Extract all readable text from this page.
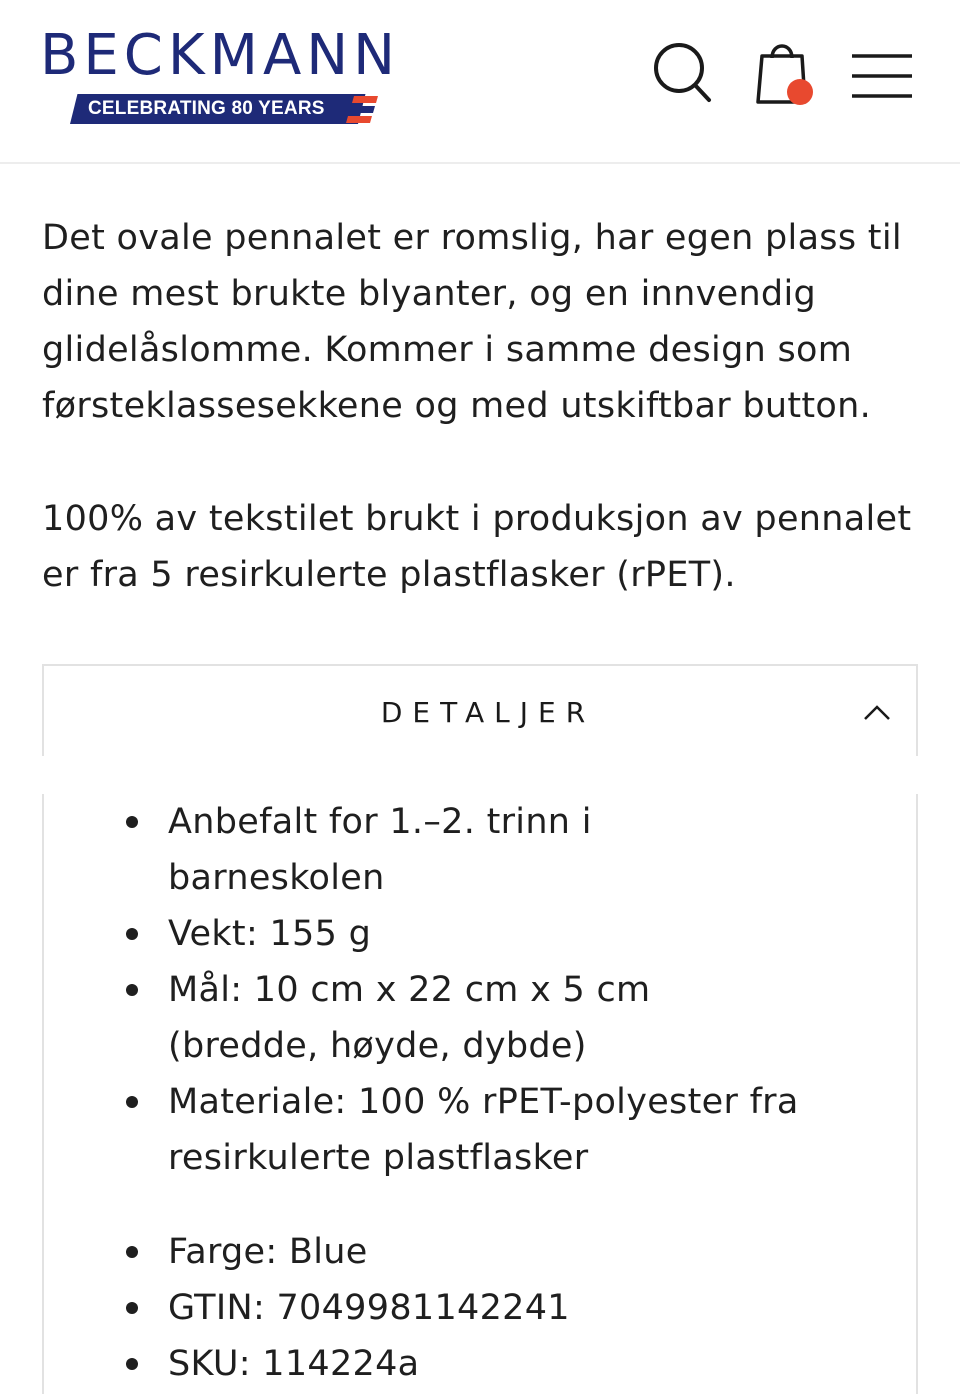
BECKMANN
CELEBRATING 80 YEARS

Det ovale pennalet er romslig, har egen plass til dine mest brukte blyanter, og en innvendig glidelåslomme. Kommer i samme design som førsteklassesekkene og med utskiftbar button.

100% av tekstilet brukt i produksjon av pennalet er fra 5 resirkulerte plastflasker (rPET).

DETALJER
Anbefalt for 1.–2. trinn i barneskolen
Vekt: 155 g
Mål: 10 cm x 22 cm x 5 cm (bredde, høyde, dybde)
Materiale: 100 % rPET-polyester fra resirkulerte plastflasker
Farge: Blue
GTIN: 7049981142241
SKU: 114224a
